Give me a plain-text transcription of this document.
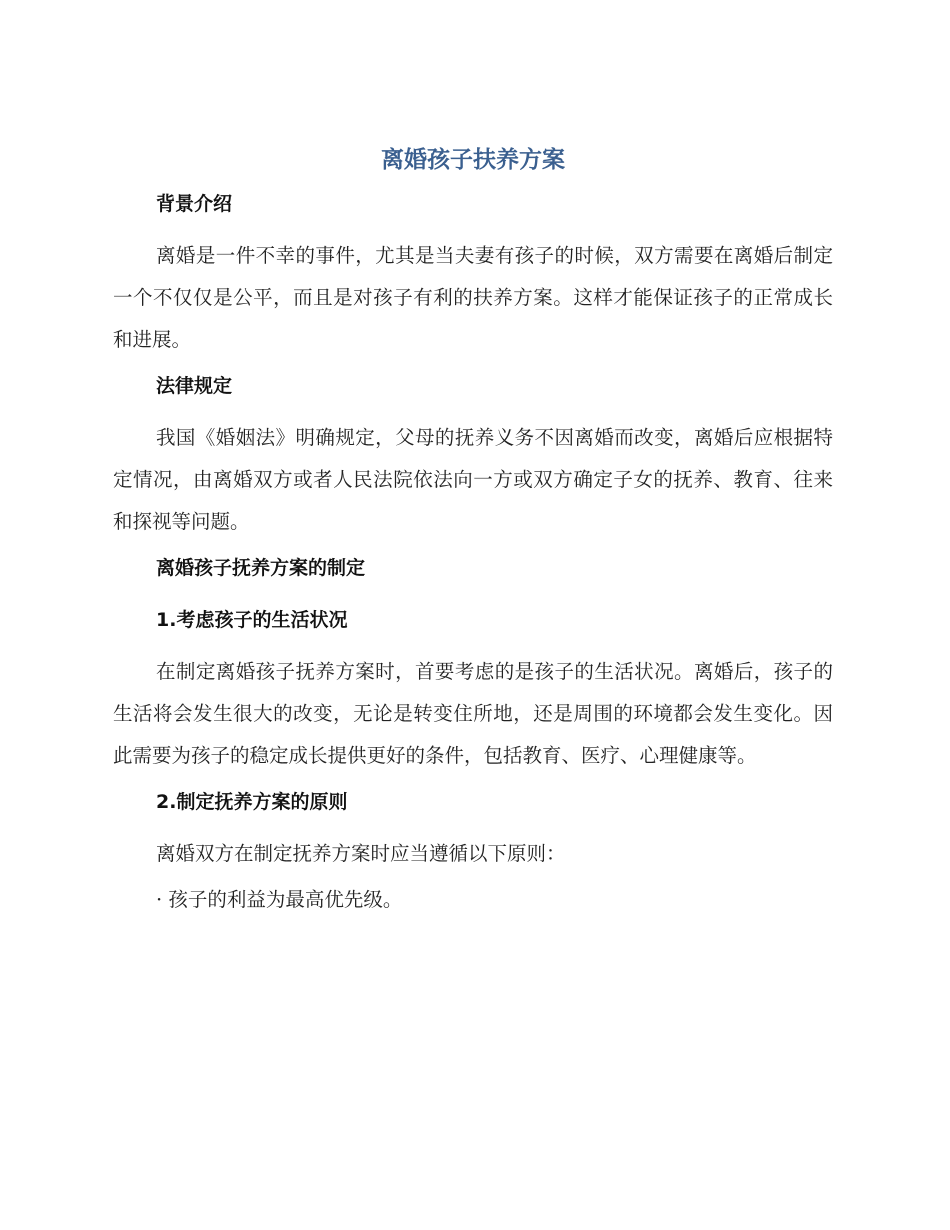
离婚孩子扶养方案
背景介绍

离婚是一件不幸的事件，尤其是当夫妻有孩子的时候，双方需要在离婚后制定一个不仅仅是公平，而且是对孩子有利的扶养方案。这样才能保证孩子的正常成长和进展。

法律规定

我国《婚姻法》明确规定，父母的抚养义务不因离婚而改变，离婚后应根据特定情况，由离婚双方或者人民法院依法向一方或双方确定子女的抚养、教育、往来和探视等问题。

离婚孩子抚养方案的制定
1.考虑孩子的生活状况

在制定离婚孩子抚养方案时，首要考虑的是孩子的生活状况。离婚后，孩子的生活将会发生很大的改变，无论是转变住所地，还是周围的环境都会发生变化。因此需要为孩子的稳定成长提供更好的条件，包括教育、医疗、心理健康等。

2.制定抚养方案的原则

离婚双方在制定抚养方案时应当遵循以下原则：

· 孩子的利益为最高优先级。
